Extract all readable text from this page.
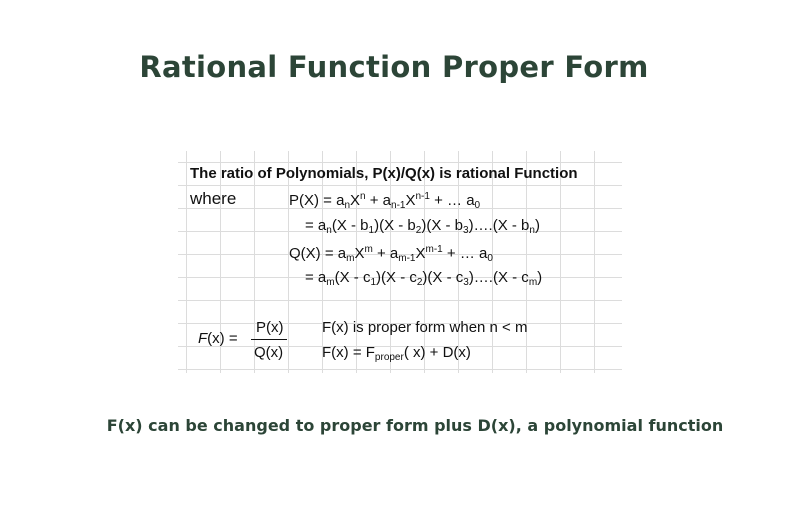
Rational Function Proper Form
The ratio of Polynomials, P(x)/Q(x) is rational Function
where	$P(X) = a_nX^n + a_{n-1}X^{n-1}$ + … $a_0$
= $a_n(X - b_1)(X - b_2)(X$ - $b_3)\dots.(X - b_n)$
$Q(X) = a_mX^m + a_{m-1}X^{m-1}$ + … $a_0$
= $a_m(X - c_1)(X - c_2)(X$ - $c_3)\dots.(X - c_m)$
F(x) =
P(x)
Q(x)
F(x) is proper form when n < m
$F(x) = F_{proper}$( x) + D(x)
F(x) can be changed to proper form plus D(x), a polynomial function
